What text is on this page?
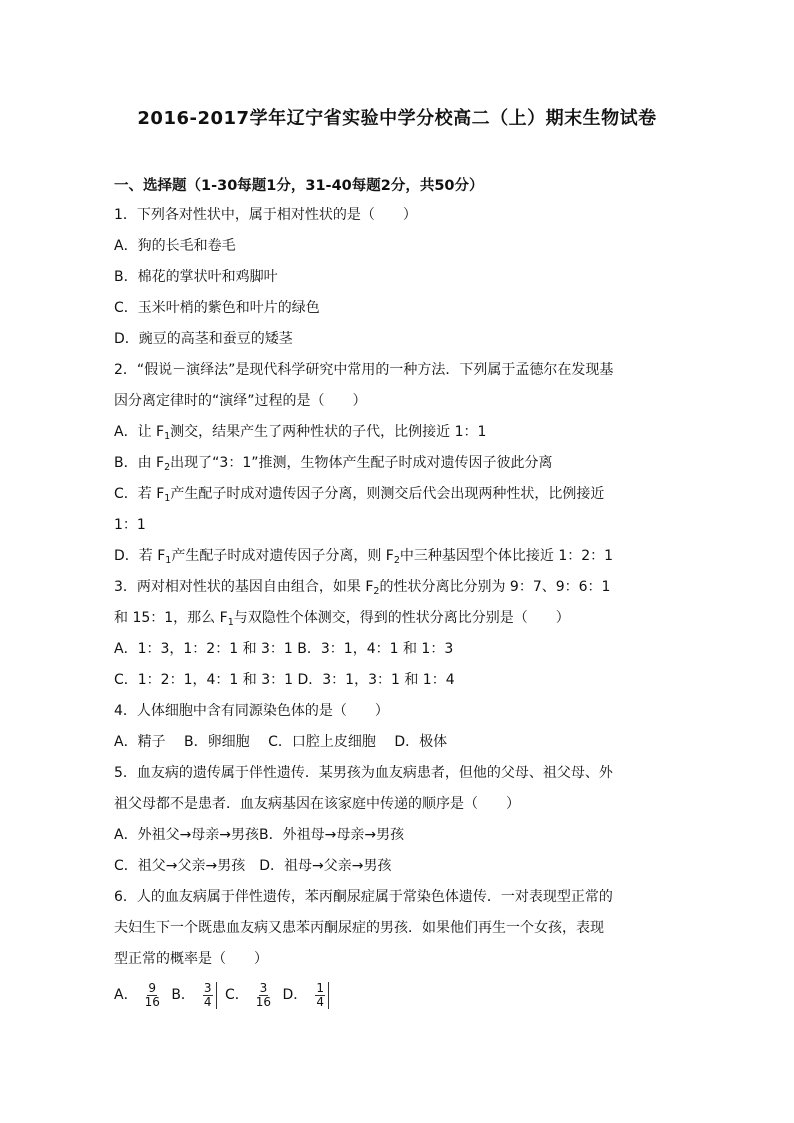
2016-2017学年辽宁省实验中学分校高二（上）期末生物试卷
一、选择题（1-30每题1分，31-40每题2分，共50分）
1．下列各对性状中，属于相对性状的是（　　）
A．狗的长毛和卷毛
B．棉花的掌状叶和鸡脚叶
C．玉米叶梢的紫色和叶片的绿色
D．豌豆的高茎和蚕豆的矮茎
2．“假说－演绎法”是现代科学研究中常用的一种方法．下列属于孟德尔在发现基
因分离定律时的“演绎”过程的是（　　）
A．让 $F_1$测交，结果产生了两种性状的子代，比例接近 1：1
B．由 $F_2$出现了“3：1”推测，生物体产生配子时成对遗传因子彼此分离
C．若 $F_1$产生配子时成对遗传因子分离，则测交后代会出现两种性状，比例接近
1：1
D．若 $F_1$产生配子时成对遗传因子分离，则 $F_2$中三种基因型个体比接近 1：2：1
3．两对相对性状的基因自由组合，如果 $F_2$的性状分离比分别为 9：7、9：6：1
和 15：1，那么 $F_1$与双隐性个体测交，得到的性状分离比分别是（　　）
A．1：3，1：2：1 和 3：1 B．3：1，4：1 和 1：3
C．1：2：1，4：1 和 3：1 D．3：1，3：1 和 1：4
4．人体细胞中含有同源染色体的是（　　）
A．精子 B．卵细胞 C．口腔上皮细胞 D．极体
5．血友病的遗传属于伴性遗传．某男孩为血友病患者，但他的父母、祖父母、外
祖父母都不是患者．血友病基因在该家庭中传递的顺序是（　　）
A．外祖父→母亲→男孩B．外祖母→母亲→男孩
C．祖父→父亲→男孩　D．祖母→父亲→男孩
6．人的血友病属于伴性遗传，苯丙酮尿症属于常染色体遗传．一对表现型正常的
夫妇生下一个既患血友病又患苯丙酮尿症的男孩．如果他们再生一个女孩，表现
型正常的概率是（　　）
A． $\frac{9}{16}$ B． $\frac{3}{4}$ C． $\frac{3}{16}$ D． $\frac{1}{4}$
